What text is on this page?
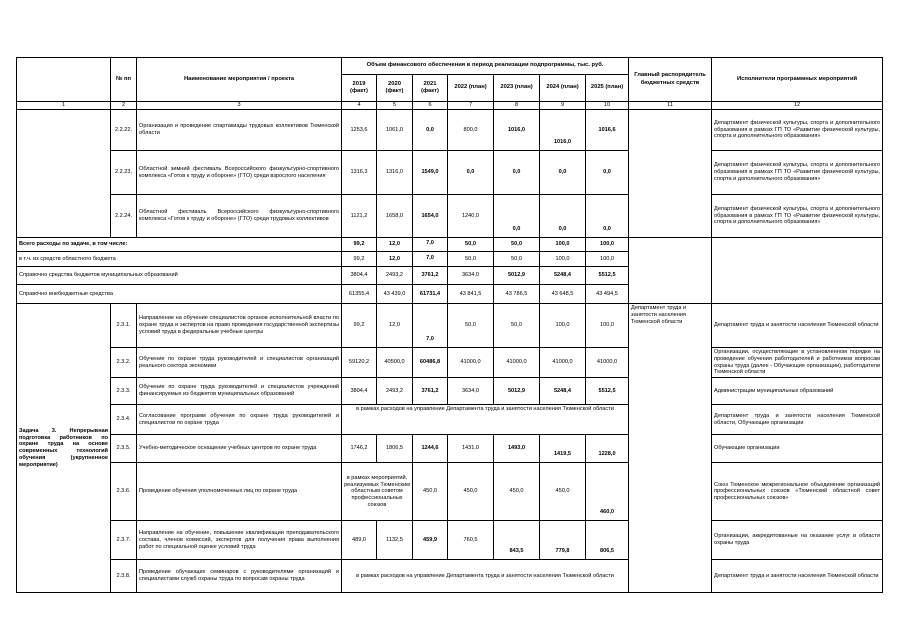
	№ пп	Наименование мероприятия / проекта	Объем финансового обеспечения в период реализации подпрограммы, тыс. руб.							Главный распорядитель бюджетных средств	Исполнители программных мероприятий
			2019 (факт)	2020 (факт)	2021 (факт)	2022 (план)	2023 (план)	2024 (план)	2025 (план)		
1	2	3	4	5	6	7	8	9	10	11	12
	2.2.22.	Организация и проведение спартакиады трудовых коллективов Тюменской области	1253,6	1061,0	0,0	800,0	1016,0	1016,0	1016,6		Департамент физической культуры, спорта и дополнительного образования в рамках ГП ТО «Развитие физической культуры, спорта и дополнительного образования»
	2.2.23.	Областной зимний фестиваль Всероссийского физкультурно-спортивного комплекса «Готов к труду и обороне» (ГТО) среди взрослого населения	1316,3	1316,0	1549,0	0,0	0,0	0,0	0,0		Департамент физической культуры, спорта и дополнительного образования в рамках ГП ТО «Развитие физической культуры, спорта и дополнительного образования»
	2.2.24.	Областной фестиваль Всероссийского физкультурно-спортивного комплекса «Готов к труду и обороне» (ГТО) среди трудовых коллективов	1121,2	1658,0	1654,0	1240,0	0,0	0,0	0,0		Департамент физической культуры, спорта и дополнительного образования в рамках ГП ТО «Развитие физической культуры, спорта и дополнительного образования»
Всего расходы по задаче, в том числе:			99,2	12,0	7,0	50,0	50,0	100,0	100,0		
в т.ч. из средств областного бюджета			99,2	12,0	7,0	50,0	50,0	100,0	100,0		
Справочно средства бюджетов муниципальных образований			3804,4	2493,2	3761,2	3634,0	5012,9	5248,4	5512,5		
Справочно внебюджетные средства			61355,4	43 439,0	61731,4	43 841,5	43 786,5	43 648,5	43 494,5		
Задача 3. Непрерывная подготовка работников по охране труда на основе современных технологий обучения (укрупненное мероприятие)	2.3.1.	Направление на обучение специалистов органов исполнительной власти по охране труда и экспертов на право проведения государственной экспертизы условий труда в федеральные учебные центры	99,2	12,0	7,0	50,0	50,0	100,0	100,0	Департамент труда и занятости населения Тюменской области	Департамент труда и занятости населения Тюменской области
	2.3.2.	Обучение по охране труда руководителей и специалистов организаций реального сектора экономики	59120,2	40500,0	60486,8	41000,0	41000,0	41000,0	41000,0		Организации, осуществляющие в установленном порядке на проведение обучения работодателей и работников вопросам охраны труда (далее - Обучающие организации), работодатели Тюменской области
	2.3.3.	Обучение по охране труда руководителей и специалистов учреждений финансируемых из бюджетов муниципальных образований	3804,4	2493,2	3761,2	3634,0	5012,9	5248,4	5512,5		Администрации муниципальных образований
	2.3.4.	Согласование программ обучения по охране труда руководителей и специалистов по охране труда	в рамках расходов на управление Департамента труда и занятости населения Тюменской области								Департамент труда и занятости населения Тюменской области, Обучающие организации
	2.3.5.	Учебно-методическое оснащение учебных центров по охране труда	1746,2	1806,5	1244,6	1431,0	1493,0	1419,5	1228,0		Обучающие организации
	2.3.6.	Проведение обучения уполномоченных лиц по охране труда	в рамках мероприятий, реализуемых Тюменским областным советом профессиональных союзов		450,0	450,0	450,0	450,0	460,0		Союз Тюменское межрегиональное объединение организаций профессиональных союзов «Тюменский областной совет профессиональных союзов»
	2.3.7.	Направление на обучение, повышение квалификации преподавательского состава, членов комиссий, экспертов для получения права выполнения работ по специальной оценке условий труда	489,0	1132,5	459,9	760,5	843,5	779,8	806,5		Организации, аккредитованные на оказание услуг в области охраны труда
	2.3.8.	Проведение обучающих семинаров с руководителями организаций и специалистами служб охраны труда по вопросам охраны труда	в рамках расходов на управление Департамента труда и занятости населения Тюменской области								Департамент труда и занятости населения Тюменской области
